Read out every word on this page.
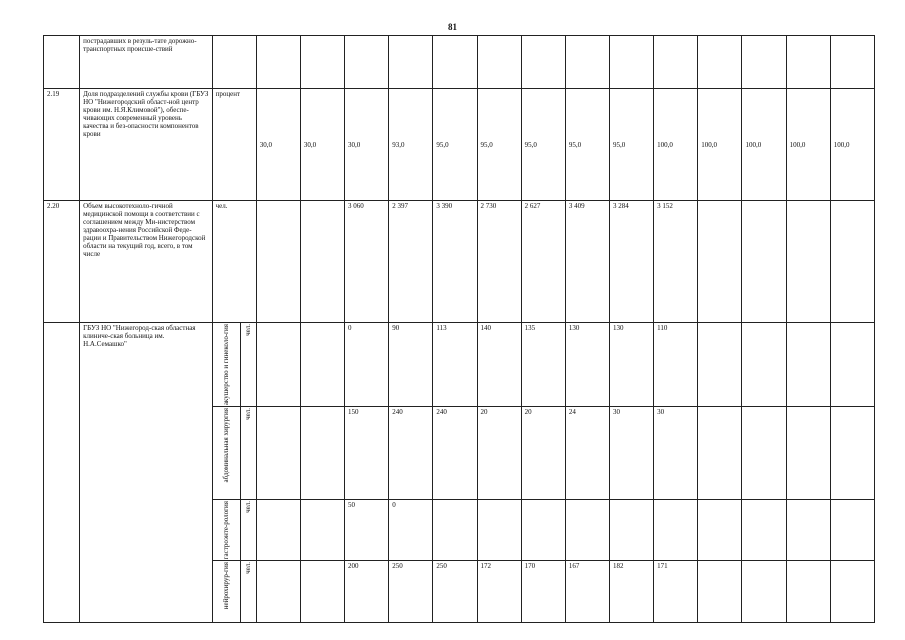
81
	пострадавших в резуль-тате дорожно-транспортных происше-ствий																
2.19	Доля подразделений службы крови (ГБУЗ НО "Нижегородский област-ной центр крови им. Н.Я.Климовой"), обеспе-чивающих современный уровень качества и без-опасности компонентов крови	процент		30,0	30,0	30,0	93,0	95,0	95,0	95,0	95,0	95,0	100,0	100,0	100,0	100,0	100,0
2.20	Объем высокотехноло-гичной медицинской помощи в соответствии с соглашением между Ми-нистерством здравоохра-нения Российской Феде-рации и Правительством Нижегородской области на текущий год, всего, в том числе	чел.				3 060	2 397	3 390	2 730	2 627	3 409	3 284	3 152				
	ГБУЗ НО "Нижегород-ская областная клиниче-ская больница им. Н.А.Семашко"	акушерство и гинеколо-гия	чел.			0	90	113	140	135	130	130	110				

		абдоминальная хирургия	чел.			150	240	240	20	20	24	30	30				

		гастроэнте-рология	чел.			50	0										

		нейрохирур-гия	чел.			200	250	250	172	170	167	182	171				
